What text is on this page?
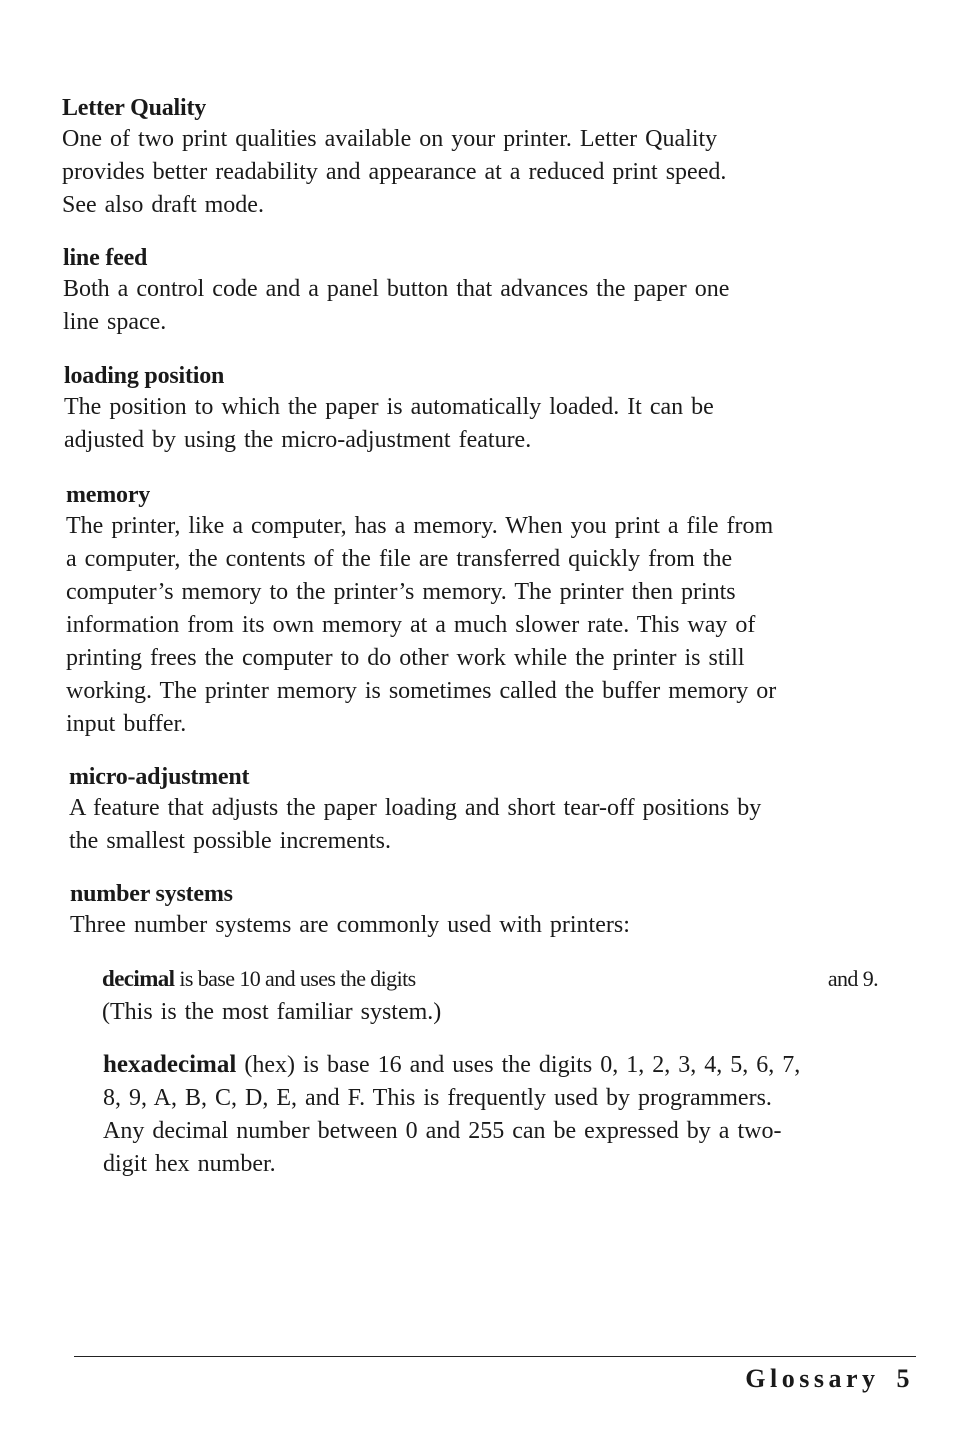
Letter Quality
One of two print qualities available on your printer. Letter Quality
provides better readability and appearance at a reduced print speed.
See also draft mode.
line feed
Both a control code and a panel button that advances the paper one
line space.
loading position
The position to which the paper is automatically loaded. It can be
adjusted by using the micro-adjustment feature.
memory
The printer, like a computer, has a memory. When you print a file from
a computer, the contents of the file are transferred quickly from the
computer’s memory to the printer’s memory. The printer then prints
information from its own memory at a much slower rate. This way of
printing frees the computer to do other work while the printer is still
working. The printer memory is sometimes called the buffer memory or
input buffer.
micro-adjustment
A feature that adjusts the paper loading and short tear-off positions by
the smallest possible increments.
number systems
Three number systems are commonly used with printers:
decimal is base 10 and uses the digits	and 9.
(This is the most familiar system.)
hexadecimal (hex) is base 16 and uses the digits 0, 1, 2, 3, 4, 5, 6, 7,
8, 9, A, B, C, D, E, and F. This is frequently used by programmers.
Any decimal number between 0 and 255 can be expressed by a two-
digit hex number.
Glossary 5
